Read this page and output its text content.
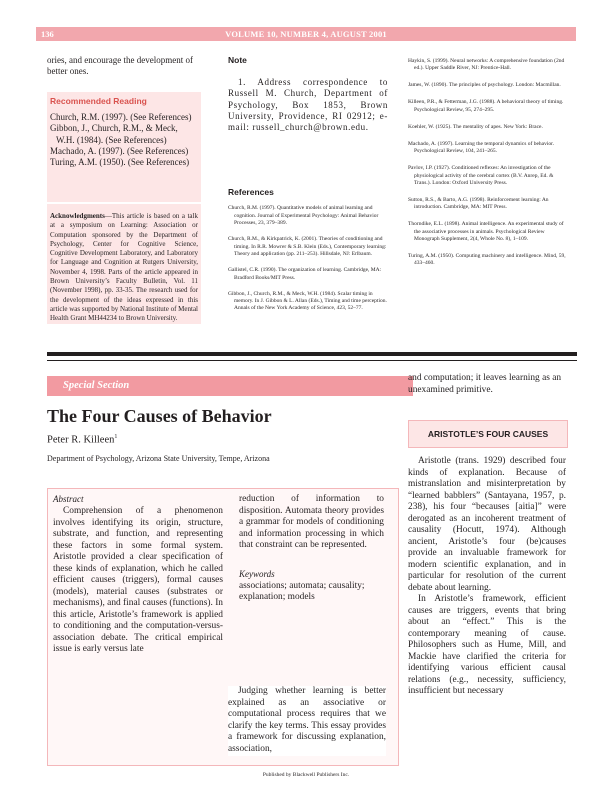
136	VOLUME 10, NUMBER 4, AUGUST 2001

ories, and encourage the development of better ones.

Recommended Reading

Church, R.M. (1997). (See References)

Gibbon, J., Church, R.M., & Meck, W.H. (1984). (See References)

Machado, A. (1997). (See References)

Turing, A.M. (1950). (See References)

Acknowledgments—This article is based on a talk at a symposium on Learning: Association or Computation sponsored by the Department of Psychology, Center for Cognitive Science, Cognitive Development Laboratory, and Laboratory for Language and Cognition at Rutgers University, November 4, 1998. Parts of the article appeared in Brown University’s Faculty Bulletin, Vol. 11 (November 1998), pp. 33-35. The research used for the development of the ideas expressed in this article was supported by National Institute of Mental Health Grant MH44234 to Brown University.

Note

1. Address correspondence to Russell M. Church, Department of Psychology, Box 1853, Brown University, Providence, RI 02912; e-mail: russell_church@brown.edu.

References

Church, R.M. (1997). Quantitative models of animal learning and cognition. Journal of Experimental Psychology: Animal Behavior Processes, 23, 379–389.

Church, R.M., & Kirkpatrick, K. (2001). Theories of conditioning and timing. In R.R. Mowrer & S.B. Klein (Eds.), Contemporary learning: Theory and application (pp. 211–253). Hillsdale, NJ: Erlbaum.

Gallistel, C.R. (1990). The organization of learning. Cambridge, MA: Bradford Books/MIT Press.

Gibbon, J., Church, R.M., & Meck, W.H. (1984). Scalar timing in memory. In J. Gibbon & L. Allan (Eds.), Timing and time perception. Annals of the New York Academy of Science, 423, 52–77.

Haykin, S. (1999). Neural networks: A comprehensive foundation (2nd ed.). Upper Saddle River, NJ: Prentice-Hall.

James, W. (1890). The principles of psychology. London: Macmillan.

Killeen, P.R., & Fetterman, J.G. (1988). A behavioral theory of timing. Psychological Review, 95, 274–295.

Koehler, W. (1925). The mentality of apes. New York: Brace.

Machado, A. (1997). Learning the temporal dynamics of behavior. Psychological Review, 104, 241–265.

Pavlov, I.P. (1927). Conditioned reflexes: An investigation of the physiological activity of the cerebral cortex (B.V. Anrep, Ed. & Trans.). London: Oxford University Press.

Sutton, R.S., & Barto, A.G. (1998). Reinforcement learning: An introduction. Cambridge, MA: MIT Press.

Thorndike, E.L. (1898). Animal intelligence. An experimental study of the associative processes in animals. Psychological Review Monograph Supplement, 2(4, Whole No. 8), 1–109.

Turing, A.M. (1950). Computing machinery and intelligence. Mind, 59, 433–460.

Special Section

The Four Causes of Behavior

Peter R. Killeen$^1$

Department of Psychology, Arizona State University, Tempe, Arizona

Abstract

Comprehension of a phenomenon involves identifying its origin, structure, substrate, and function, and representing these factors in some formal system. Aristotle provided a clear specification of these kinds of explanation, which he called efficient causes (triggers), formal causes (models), material causes (substrates or mechanisms), and final causes (functions). In this article, Aristotle’s framework is applied to conditioning and the computation-versus-association debate. The critical empirical issue is early versus late

reduction of information to disposition. Automata theory provides a grammar for models of conditioning and information processing in which that constraint can be represented.

Keywords

associations; automata; causality; explanation; models

Judging whether learning is better explained as an associative or computational process requires that we clarify the key terms. This essay provides a framework for discussing explanation, association,

and computation; it leaves learning as an unexamined primitive.

ARISTOTLE’S FOUR CAUSES

Aristotle (trans. 1929) described four kinds of explanation. Because of mistranslation and misinterpretation by “learned babblers” (Santayana, 1957, p. 238), his four “becauses [aitia]” were derogated as an incoherent treatment of causality (Hocutt, 1974). Although ancient, Aristotle’s four (be)causes provide an invaluable framework for modern scientific explanation, and in particular for resolution of the current debate about learning.

In Aristotle’s framework, efficient causes are triggers, events that bring about an “effect.” This is the contemporary meaning of cause. Philosophers such as Hume, Mill, and Mackie have clarified the criteria for identifying various efficient causal relations (e.g., necessity, sufficiency, insufficient but necessary

Published by Blackwell Publishers Inc.
